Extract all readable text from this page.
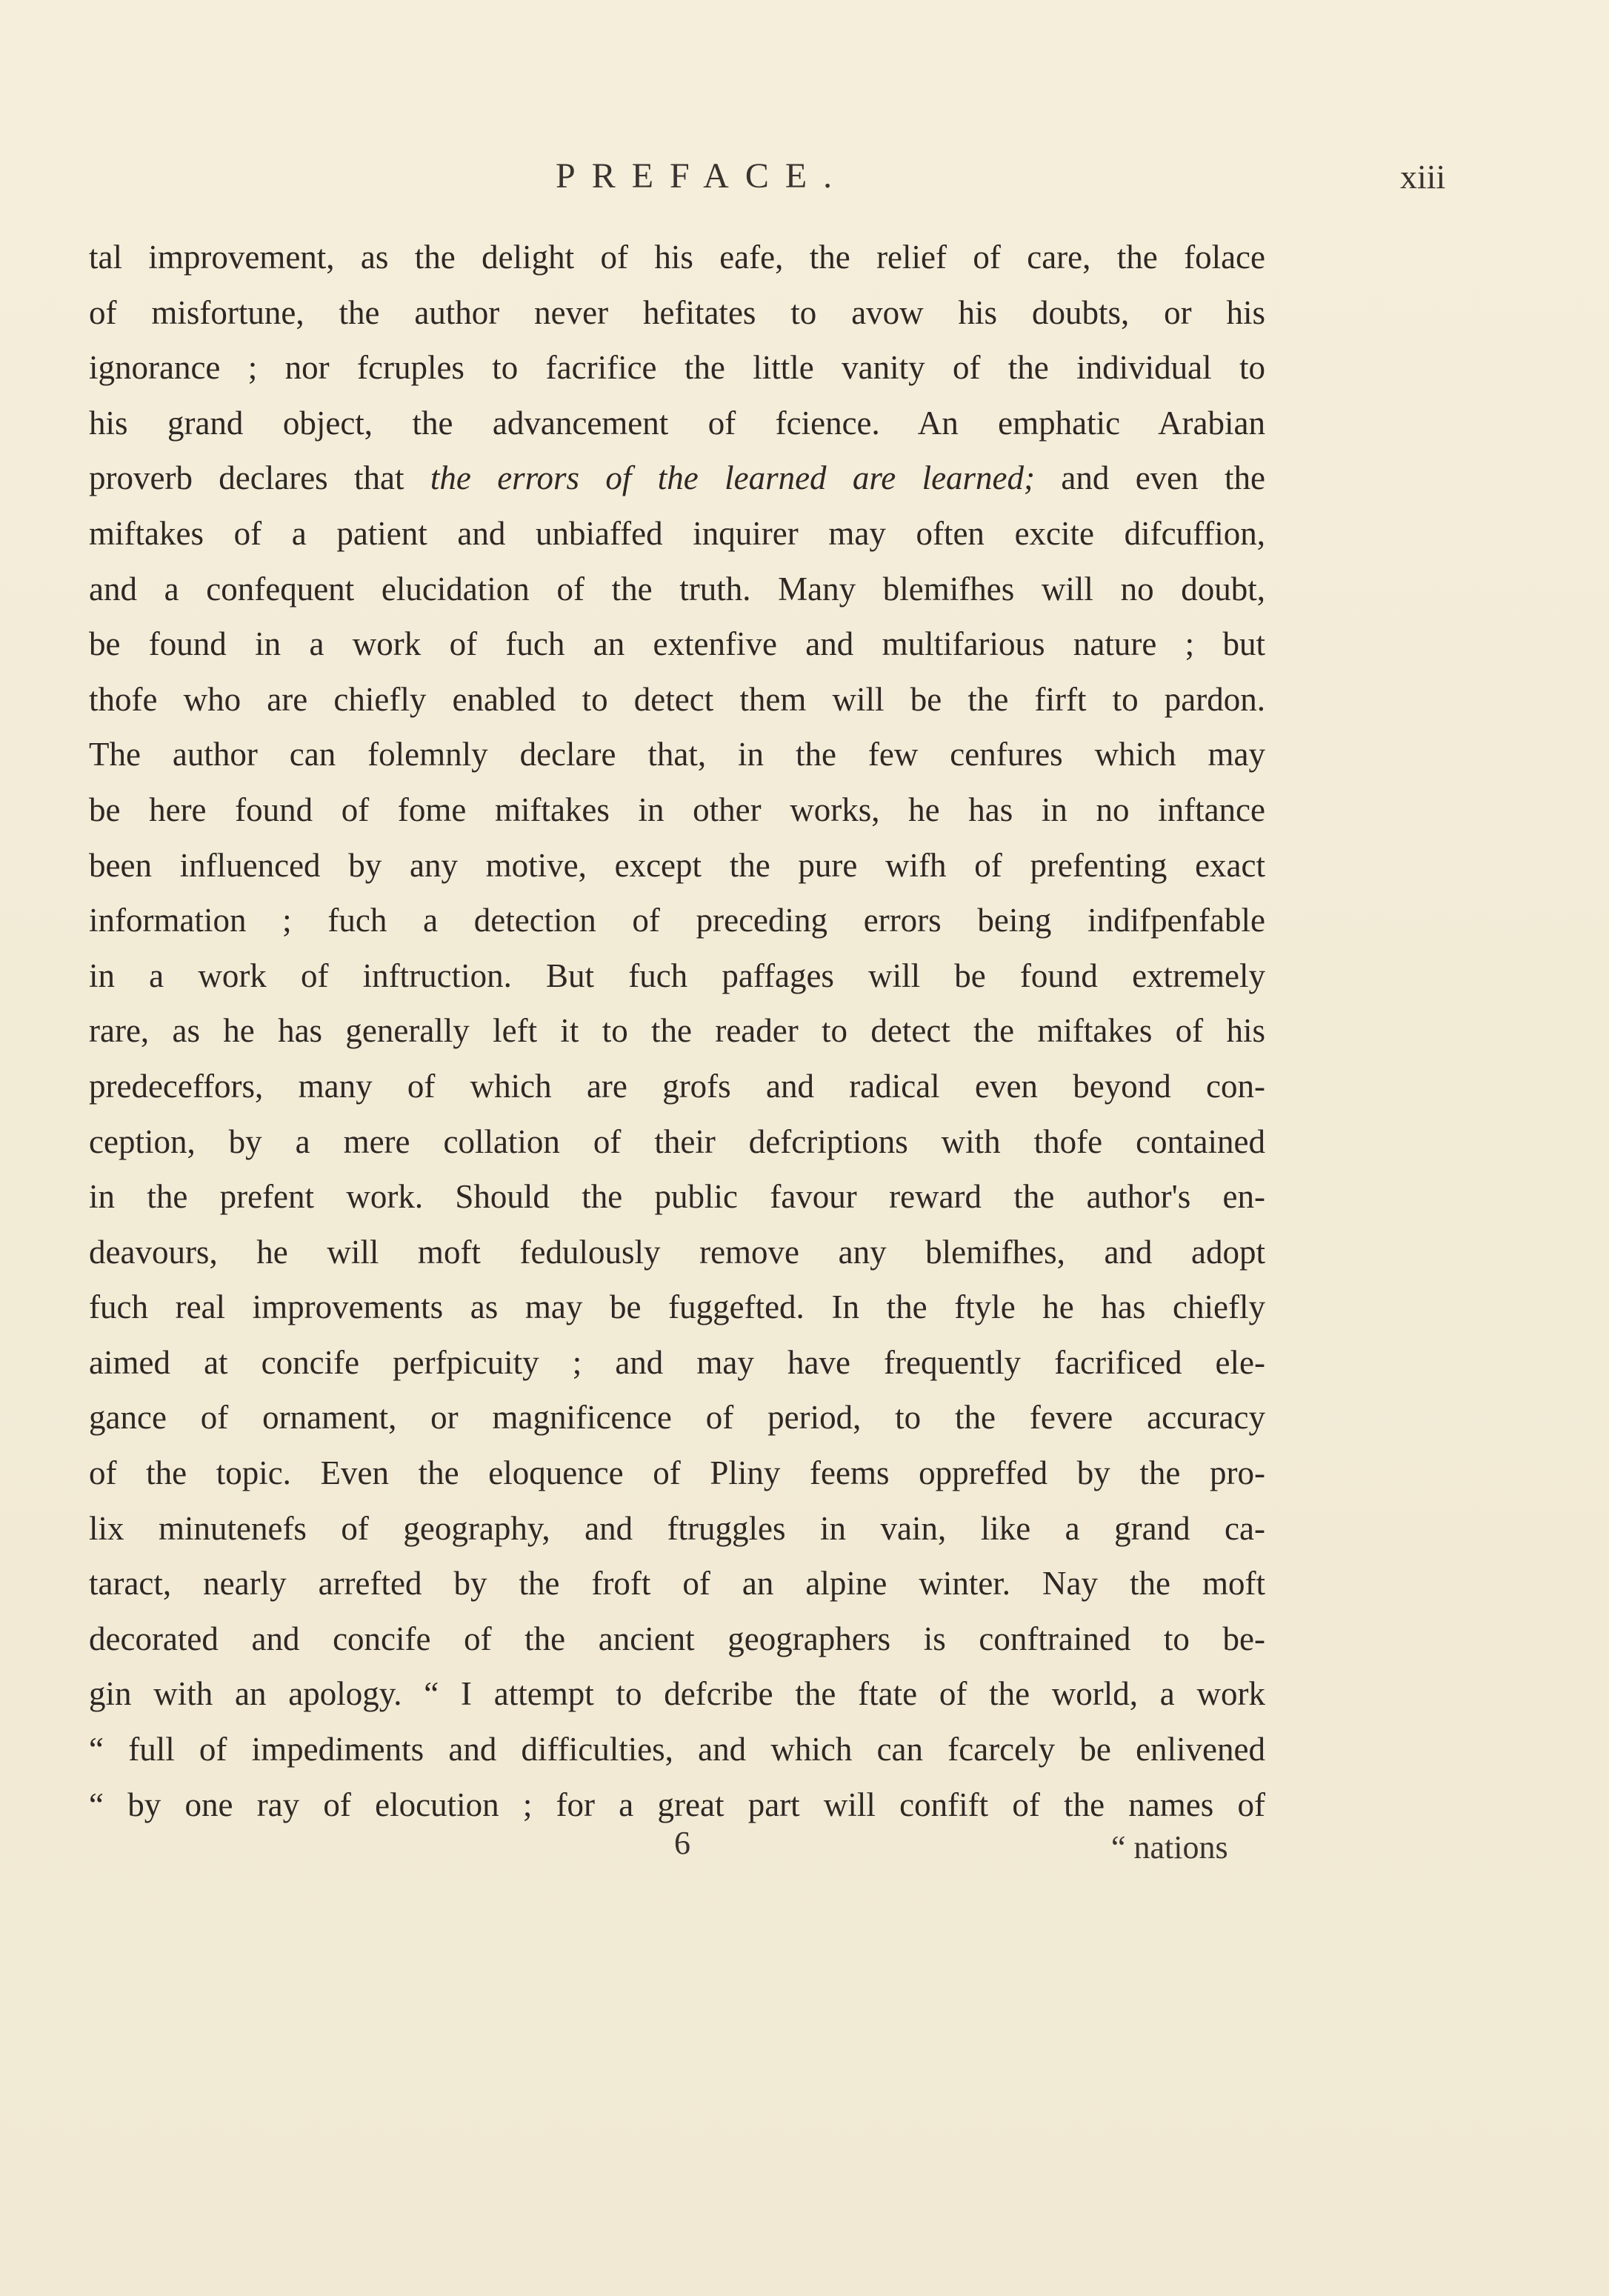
PREFACE.	xiii
tal improvement, as the delight of his eafe, the relief of care, the folace
of misfortune, the author never hefitates to avow his doubts, or his
ignorance ; nor fcruples to facrifice the little vanity of the individual to
his grand object, the advancement of fcience. An emphatic Arabian
proverb declares that the errors of the learned are learned; and even the
miftakes of a patient and unbiaffed inquirer may often excite difcuffion,
and a confequent elucidation of the truth. Many blemifhes will no doubt,
be found in a work of fuch an extenfive and multifarious nature ; but
thofe who are chiefly enabled to detect them will be the firft to pardon.
The author can folemnly declare that, in the few cenfures which may
be here found of fome miftakes in other works, he has in no inftance
been influenced by any motive, except the pure wifh of prefenting exact
information ; fuch a detection of preceding errors being indifpenfable
in a work of inftruction. But fuch paffages will be found extremely
rare, as he has generally left it to the reader to detect the miftakes of his
predeceffors, many of which are grofs and radical even beyond con-
ception, by a mere collation of their defcriptions with thofe contained
in the prefent work. Should the public favour reward the author's en-
deavours, he will moft fedulously remove any blemifhes, and adopt
fuch real improvements as may be fuggefted. In the ftyle he has chiefly
aimed at concife perfpicuity ; and may have frequently facrificed ele-
gance of ornament, or magnificence of period, to the fevere accuracy
of the topic. Even the eloquence of Pliny feems oppreffed by the pro-
lix minutenefs of geography, and ftruggles in vain, like a grand ca-
taract, nearly arrefted by the froft of an alpine winter. Nay the moft
decorated and concife of the ancient geographers is conftrained to be-
gin with an apology. “ I attempt to defcribe the ftate of the world, a work
“ full of impediments and difficulties, and which can fcarcely be enlivened
“ by one ray of elocution ; for a great part will confift of the names of
6	“ nations
